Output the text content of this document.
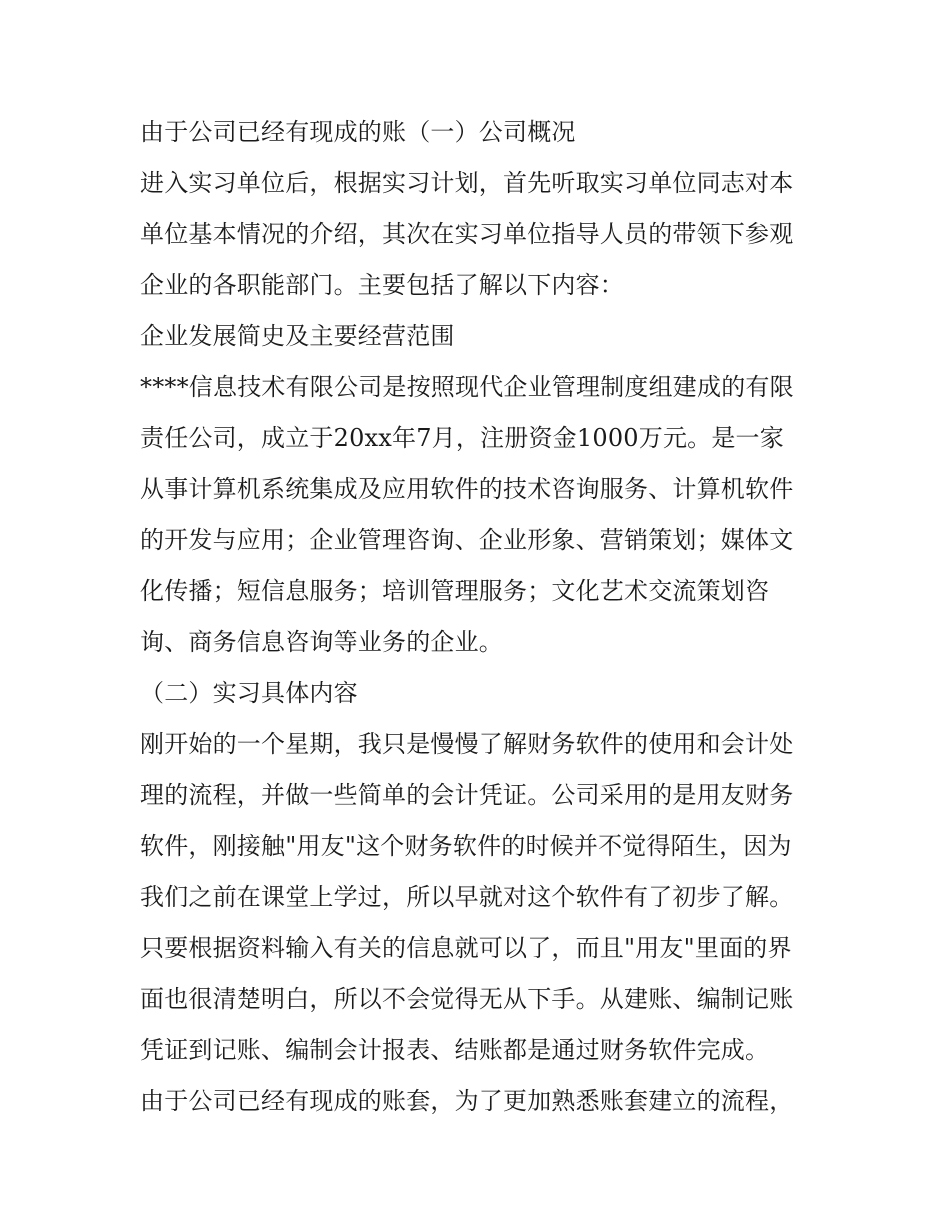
由于公司已经有现成的账（一）公司概况
进入实习单位后，根据实习计划，首先听取实习单位同志对本
单位基本情况的介绍，其次在实习单位指导人员的带领下参观
企业的各职能部门。主要包括了解以下内容：
企业发展简史及主要经营范围
****信息技术有限公司是按照现代企业管理制度组建成的有限
责任公司，成立于20xx年7月，注册资金1000万元。是一家
从事计算机系统集成及应用软件的技术咨询服务、计算机软件
的开发与应用；企业管理咨询、企业形象、营销策划；媒体文
化传播；短信息服务；培训管理服务；文化艺术交流策划咨
询、商务信息咨询等业务的企业。
（二）实习具体内容
刚开始的一个星期，我只是慢慢了解财务软件的使用和会计处
理的流程，并做一些简单的会计凭证。公司采用的是用友财务
软件，刚接触"用友"这个财务软件的时候并不觉得陌生，因为
我们之前在课堂上学过，所以早就对这个软件有了初步了解。
只要根据资料输入有关的信息就可以了，而且"用友"里面的界
面也很清楚明白，所以不会觉得无从下手。从建账、编制记账
凭证到记账、编制会计报表、结账都是通过财务软件完成。
由于公司已经有现成的账套，为了更加熟悉账套建立的流程，
